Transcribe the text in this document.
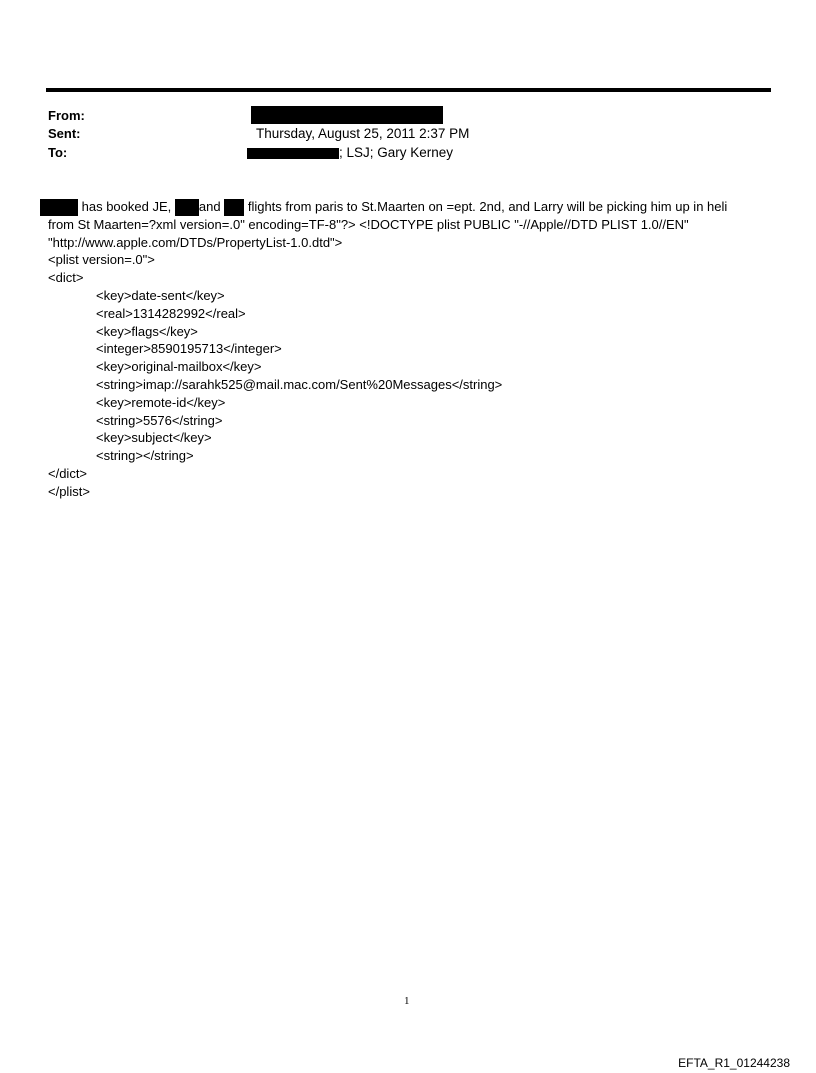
From:
Sent:
To:
Thursday, August 25, 2011 2:37 PM
; LSJ; Gary Kerney
has booked JE, and flights from paris to St.Maarten on =ept. 2nd, and Larry will be picking him up in heli
from St Maarten=?xml version=.0" encoding=TF-8"?> <!DOCTYPE plist PUBLIC "-//Apple//DTD PLIST 1.0//EN"
"http://www.apple.com/DTDs/PropertyList-1.0.dtd">
<plist version=.0">
<dict>
<key>date-sent</key>
<real>1314282992</real>
<key>flags</key>
<integer>8590195713</integer>
<key>original-mailbox</key>
<string>imap://sarahk525@mail.mac.com/Sent%20Messages</string>
<key>remote-id</key>
<string>5576</string>
<key>subject</key>
<string></string>
</dict>
</plist>
1
EFTA_R1_01244238
